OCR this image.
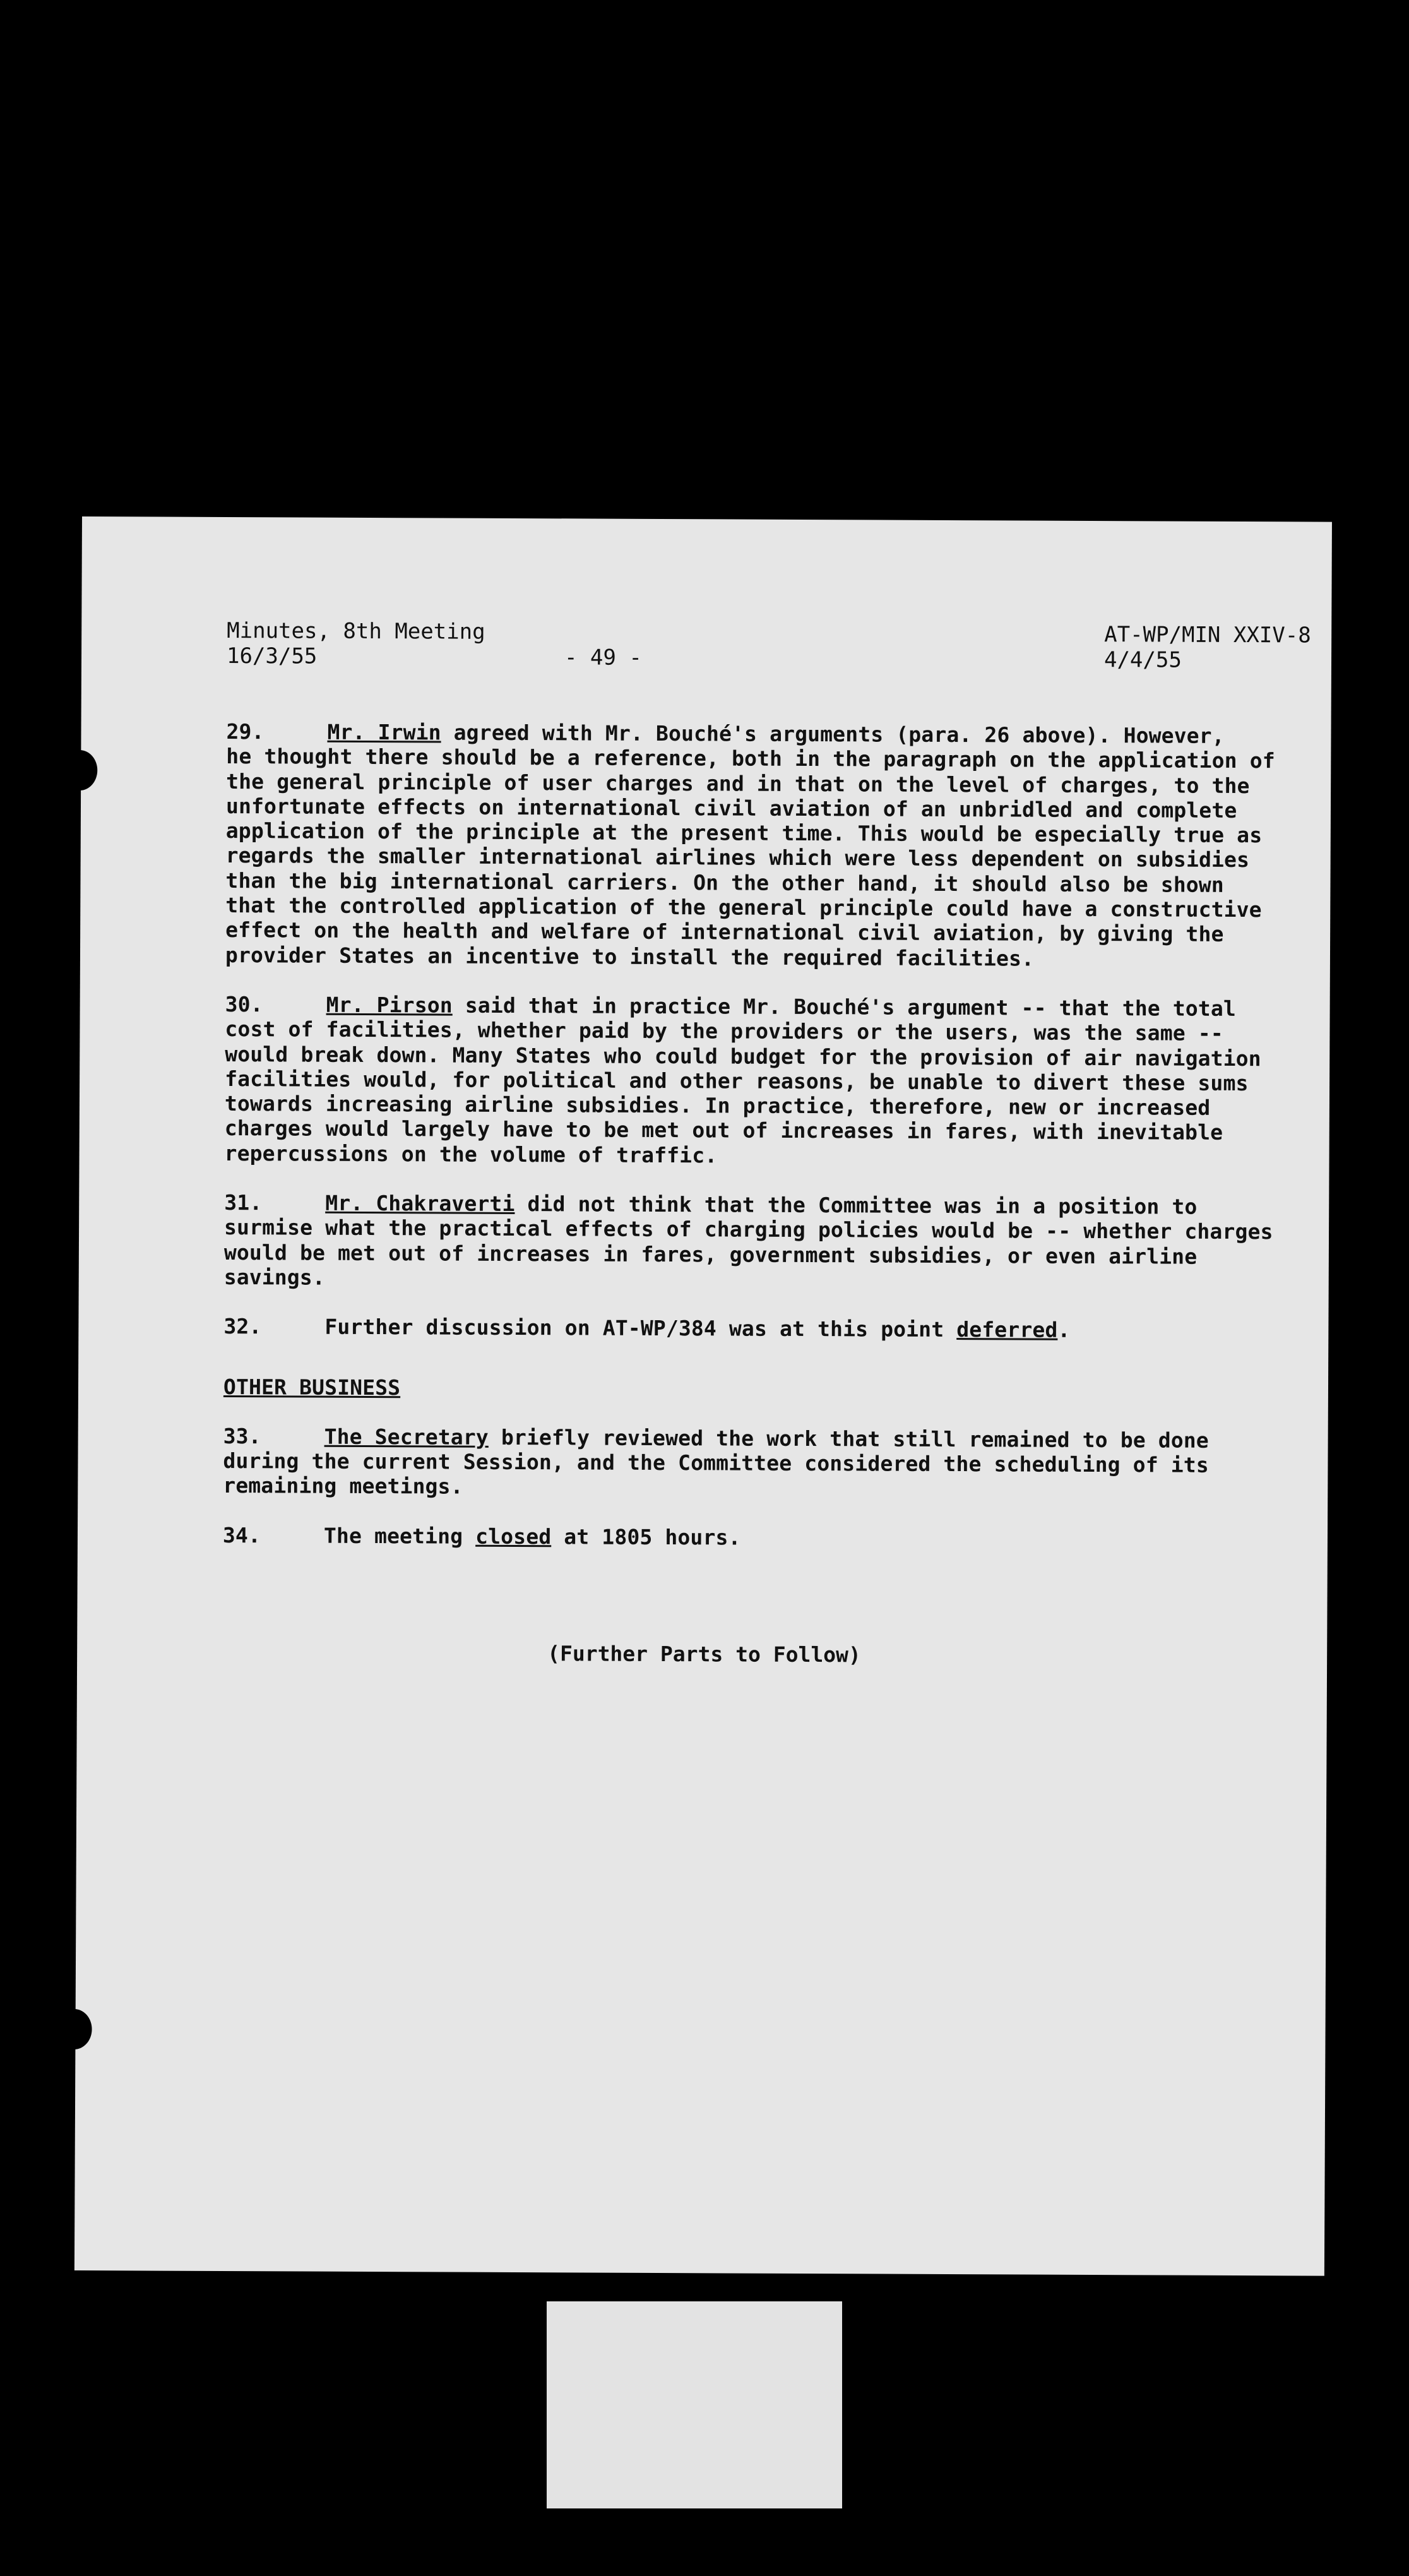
Minutes, 8th Meeting
16/3/55	- 49 -
AT-WP/MIN XXIV-8
4/4/55
29.	Mr. Irwin agreed with Mr. Bouché's arguments (para. 26 above). However,
he thought there should be a reference, both in the paragraph on the application of
the general principle of user charges and in that on the level of charges, to the
unfortunate effects on international civil aviation of an unbridled and complete
application of the principle at the present time. This would be especially true as
regards the smaller international airlines which were less dependent on subsidies
than the big international carriers. On the other hand, it should also be shown
that the controlled application of the general principle could have a constructive
effect on the health and welfare of international civil aviation, by giving the
provider States an incentive to install the required facilities.
30.	Mr. Pirson said that in practice Mr. Bouché's argument -- that the total
cost of facilities, whether paid by the providers or the users, was the same --
would break down. Many States who could budget for the provision of air navigation
facilities would, for political and other reasons, be unable to divert these sums
towards increasing airline subsidies. In practice, therefore, new or increased
charges would largely have to be met out of increases in fares, with inevitable
repercussions on the volume of traffic.
31.	Mr. Chakraverti did not think that the Committee was in a position to
surmise what the practical effects of charging policies would be -- whether charges
would be met out of increases in fares, government subsidies, or even airline savings.
32.	Further discussion on AT-WP/384 was at this point deferred.
OTHER BUSINESS
33.	The Secretary briefly reviewed the work that still remained to be done
during the current Session, and the Committee considered the scheduling of its
remaining meetings.
34.	The meeting closed at 1805 hours.
(Further Parts to Follow)
